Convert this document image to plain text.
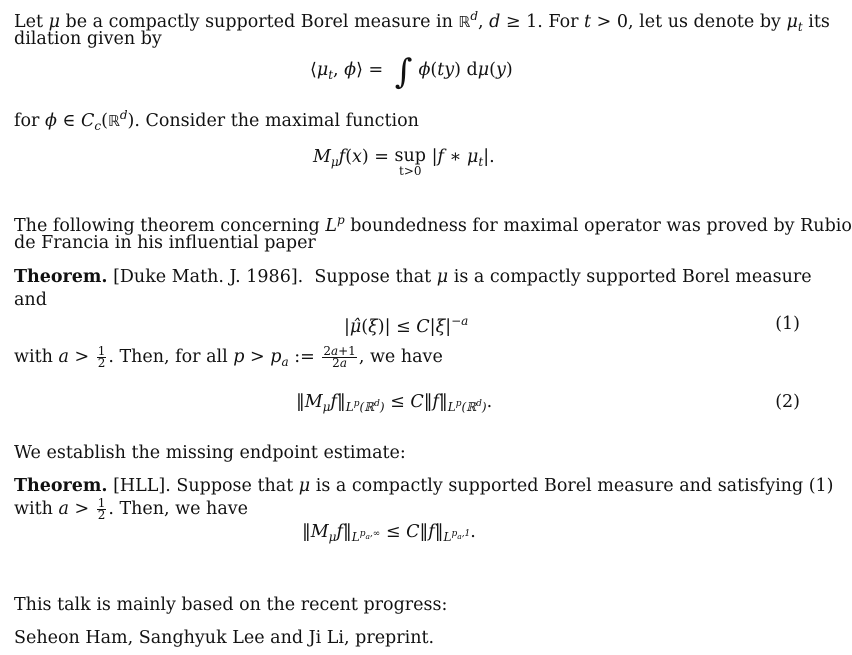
Let μ be a compactly supported Borel measure in ℝ$^d$, d ≥ 1. For t > 0, let us denote by $\mu_t$ its
dilation given by
$⟨\mu_t$, ϕ⟩ = ∫ ϕ(ty) dμ(y)
for ϕ ∈ $C_c(ℝ^d)$. Consider the maximal function
$M_\mu f(x)$ = sup
t>0
|f ∗ $\mu_t|$.
The following theorem concerning $L^p$ boundedness for maximal operator was proved by Rubio
de Francia in his influential paper
Theorem. [Duke Math. J. 1986].  Suppose that μ is a compactly supported Borel measure
and
|μ̂(ξ)| ≤ $C|\xi|^{-a}$	(1)
with $a > \frac{1}{2}$ . Then, for all $p > p_a$ := $\frac{2a+1}{2a}$ , we have
$‖M_\mu f‖_{L^p(ℝ^d)}$ ≤ $C‖f‖_{L^p(ℝ^d)}$.	(2)
We establish the missing endpoint estimate:
Theorem. [HLL]. Suppose that μ is a compactly supported Borel measure and satisfying (1)
with $a > \frac{1}{2}$ . Then, we have
$‖M_\mu f‖_{L^{p_a,\infty}}$ ≤ $C‖f‖_{L^{p_a,1}}$.
This talk is mainly based on the recent progress:
Seheon Ham, Sanghyuk Lee and Ji Li, preprint.
